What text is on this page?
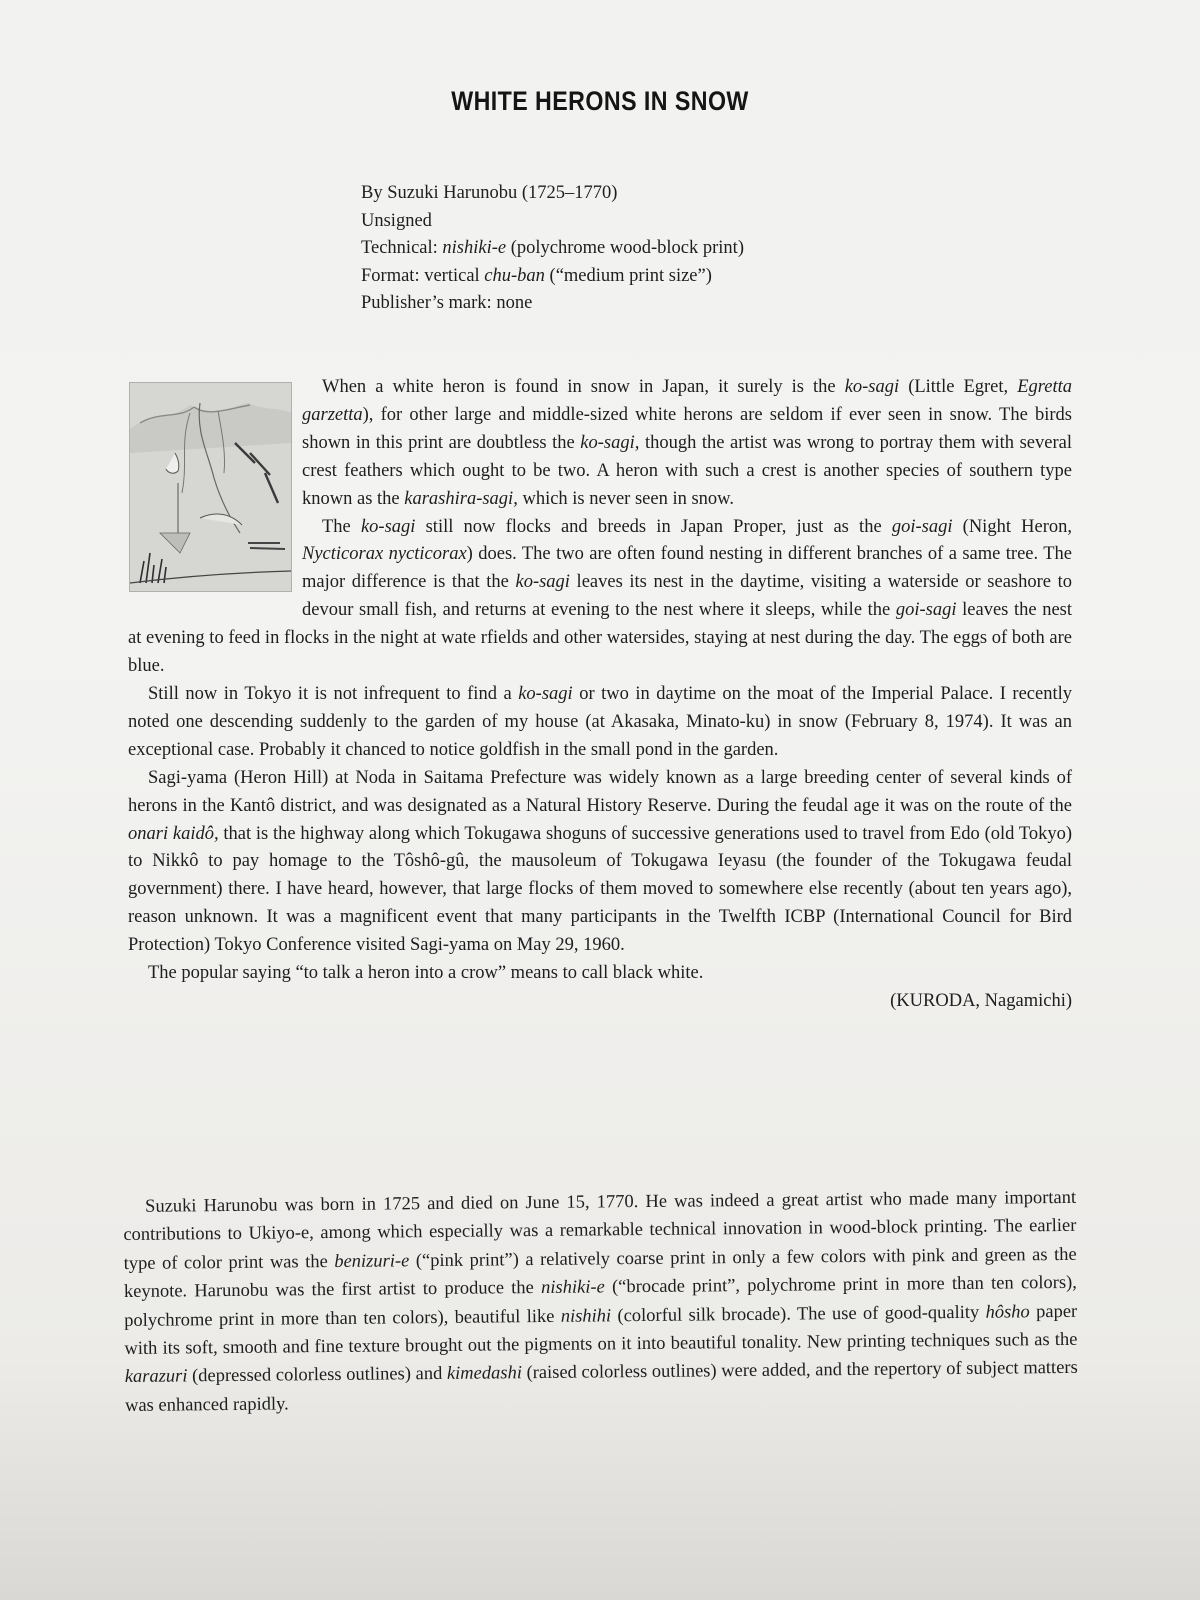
WHITE HERONS IN SNOW
By Suzuki Harunobu (1725–1770)
Unsigned
Technical: nishiki-e (polychrome wood-block print)
Format: vertical chu-ban (“medium print size”)
Publisher’s mark: none

When a white heron is found in snow in Japan, it surely is the ko-sagi (Little Egret, Egretta garzetta), for other large and middle-sized white herons are seldom if ever seen in snow. The birds shown in this print are doubtless the ko-sagi, though the artist was wrong to portray them with several crest feathers which ought to be two. A heron with such a crest is another species of southern type known as the karashira-sagi, which is never seen in snow.

The ko-sagi still now flocks and breeds in Japan Proper, just as the goi-sagi (Night Heron, Nycticorax nycticorax) does. The two are often found nesting in different branches of a same tree. The major difference is that the ko-sagi leaves its nest in the daytime, visiting a waterside or seashore to devour small fish, and returns at evening to the nest where it sleeps, while the goi-sagi leaves the nest at evening to feed in flocks in the night at wate rfields and other watersides, staying at nest during the day. The eggs of both are blue.

Still now in Tokyo it is not infrequent to find a ko-sagi or two in daytime on the moat of the Imperial Palace. I recently noted one descending suddenly to the garden of my house (at Akasaka, Minato-ku) in snow (February 8, 1974). It was an exceptional case. Probably it chanced to notice goldfish in the small pond in the garden.

Sagi-yama (Heron Hill) at Noda in Saitama Prefecture was widely known as a large breeding center of several kinds of herons in the Kantô district, and was designated as a Natural History Reserve. During the feudal age it was on the route of the onari kaidô, that is the highway along which Tokugawa shoguns of successive generations used to travel from Edo (old Tokyo) to Nikkô to pay homage to the Tôshô-gû, the mausoleum of Tokugawa Ieyasu (the founder of the Tokugawa feudal government) there. I have heard, however, that large flocks of them moved to somewhere else recently (about ten years ago), reason unknown. It was a magnificent event that many participants in the Twelfth ICBP (International Council for Bird Protection) Tokyo Conference visited Sagi-yama on May 29, 1960.

The popular saying “to talk a heron into a crow” means to call black white.

(KURODA, Nagamichi)

Suzuki Harunobu was born in 1725 and died on June 15, 1770. He was indeed a great artist who made many important contributions to Ukiyo-e, among which especially was a remarkable technical innovation in wood-block printing. The earlier type of color print was the benizuri-e (“pink print”) a relatively coarse print in only a few colors with pink and green as the keynote. Harunobu was the first artist to produce the nishiki-e (“brocade print”, polychrome print in more than ten colors), polychrome print in more than ten colors), beautiful like nishihi (colorful silk brocade). The use of good-quality hôsho paper with its soft, smooth and fine texture brought out the pigments on it into beautiful tonality. New printing techniques such as the karazuri (depressed colorless outlines) and kimedashi (raised colorless outlines) were added, and the repertory of subject matters was enhanced rapidly.
